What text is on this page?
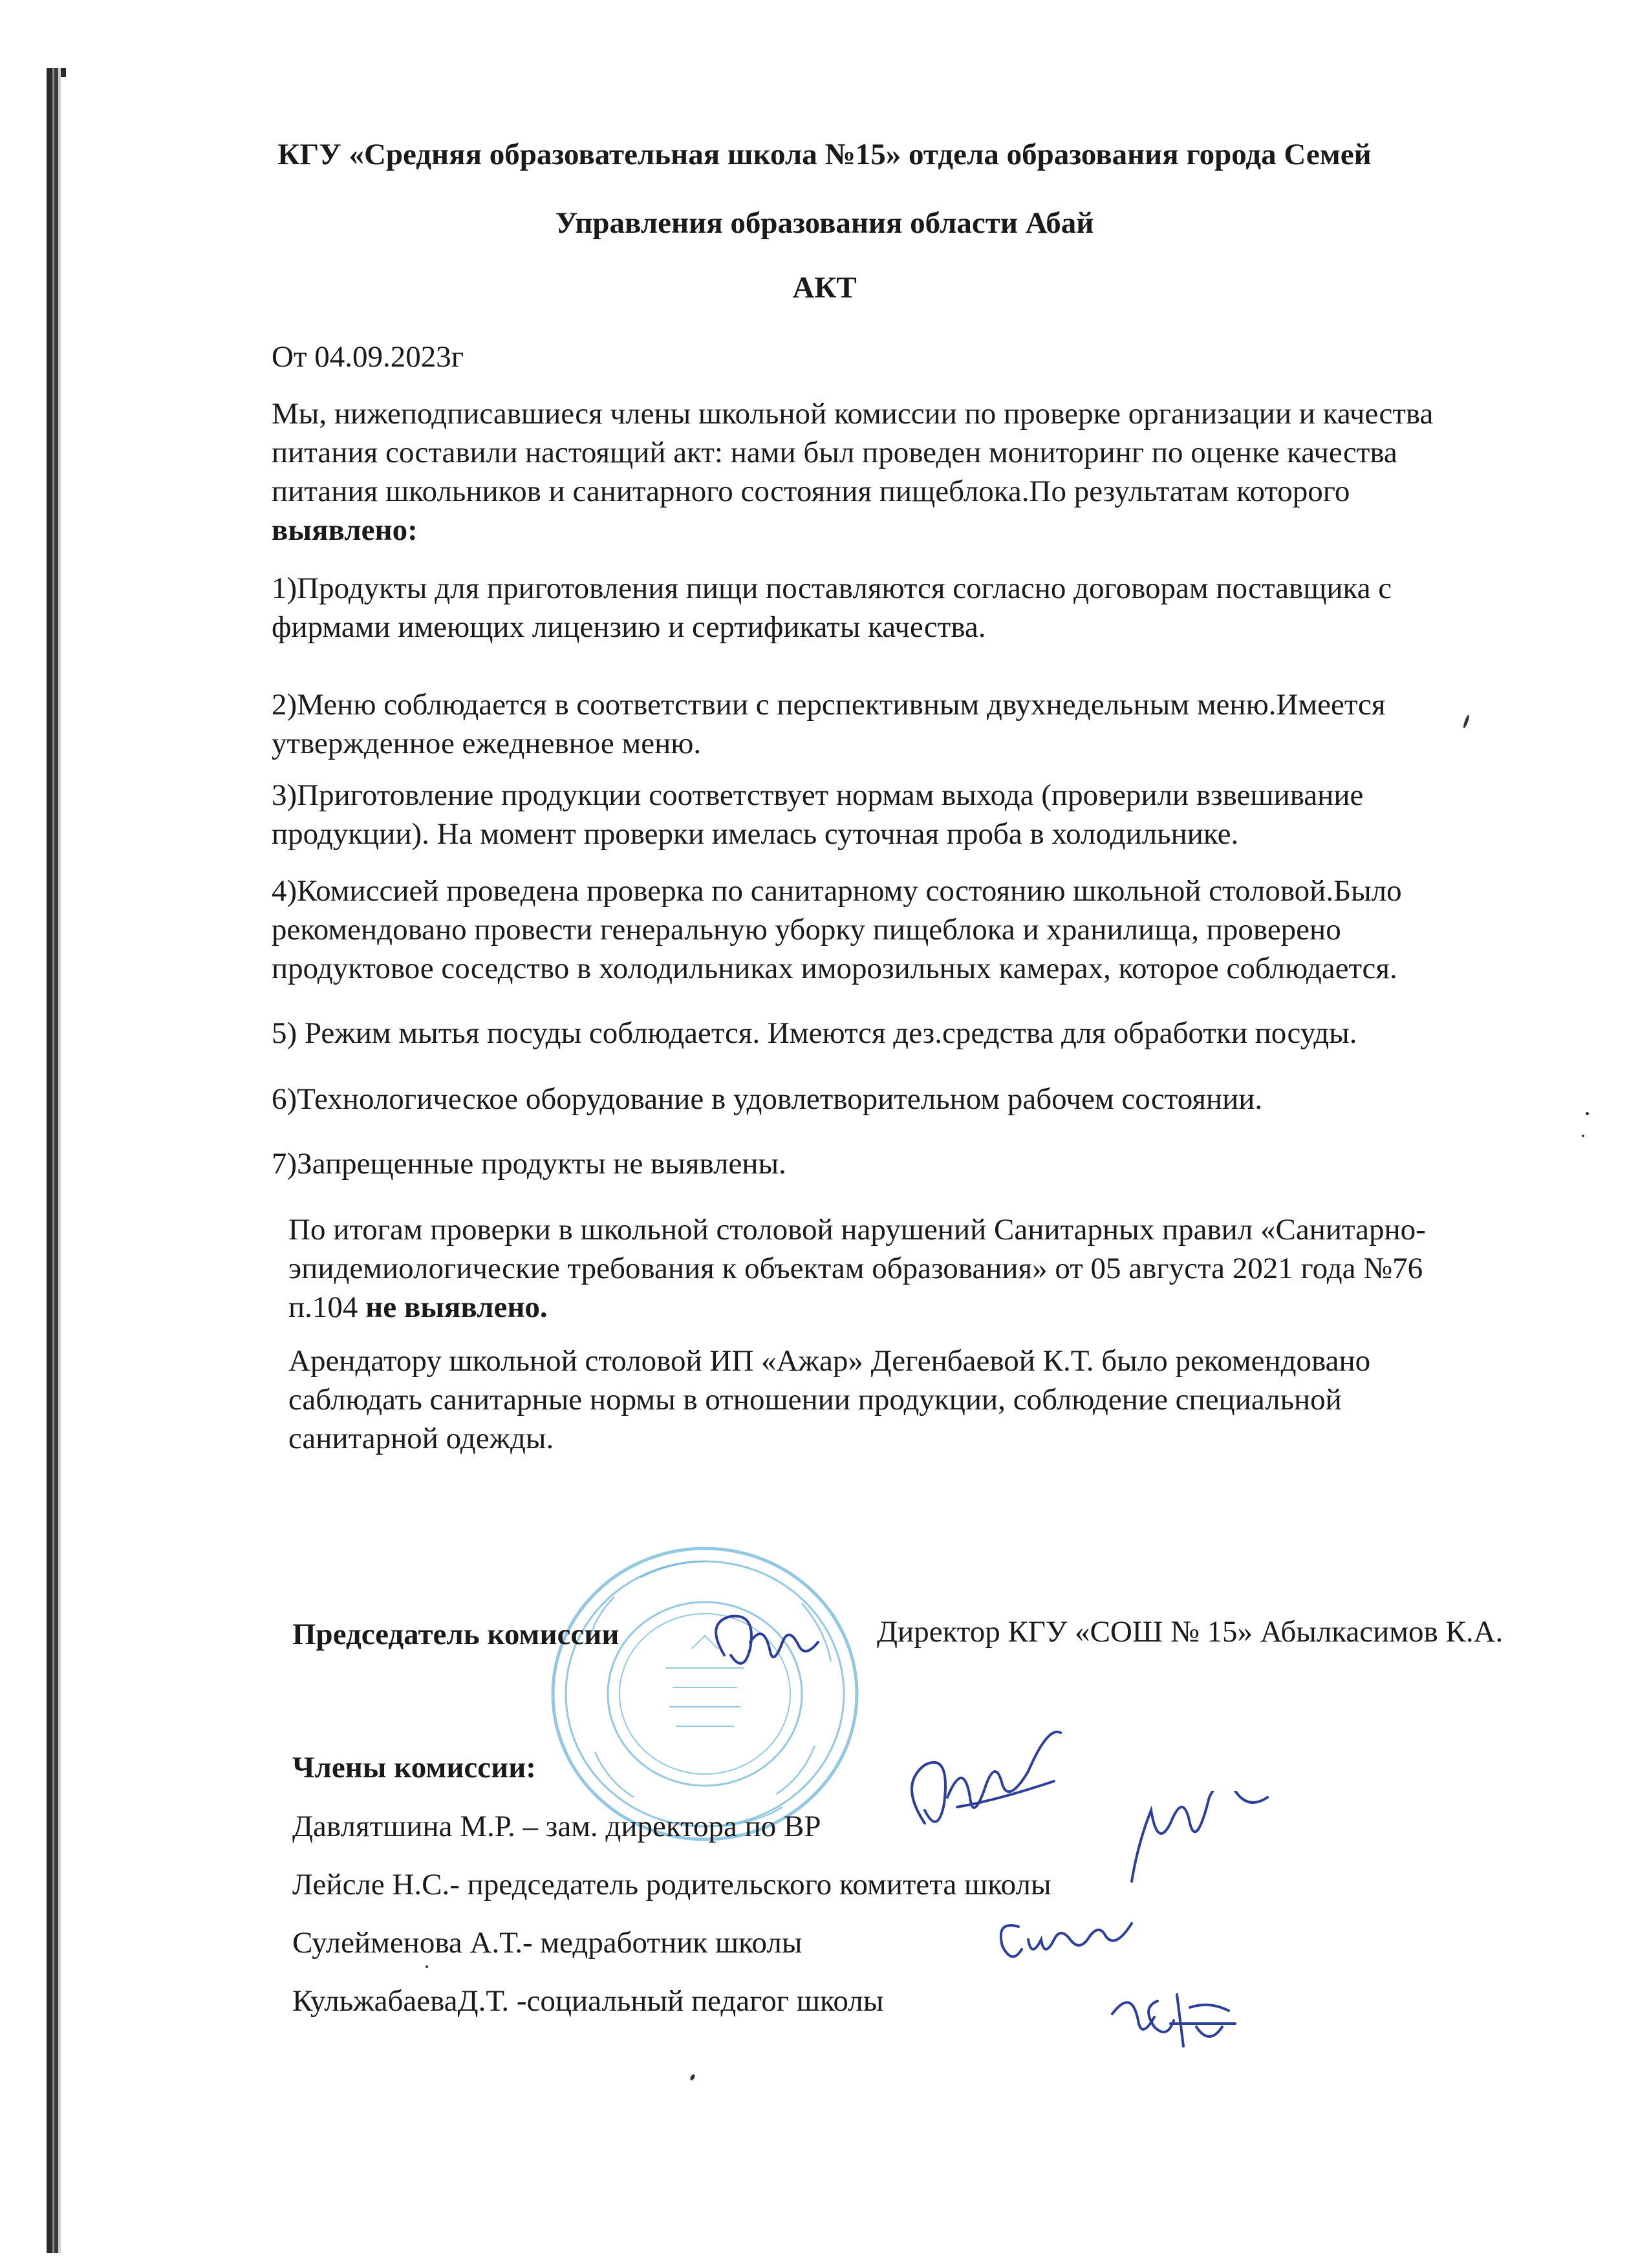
КГУ «Средняя образовательная школа №15» отдела образования города Семей
Управления образования области Абай
АКТ
От 04.09.2023г
Мы, нижеподписавшиеся члены школьной комиссии по проверке организации и качества
питания составили настоящий акт: нами был проведен мониторинг по оценке качества
питания школьников и санитарного состояния пищеблока.По результатам которого
выявлено:
1)Продукты для приготовления пищи поставляются согласно договорам поставщика с
фирмами имеющих лицензию и сертификаты качества.
2)Меню соблюдается в соответствии с перспективным двухнедельным меню.Имеется
утвержденное ежедневное меню.
3)Приготовление продукции соответствует нормам выхода (проверили взвешивание
продукции). На момент проверки имелась суточная проба в холодильнике.
4)Комиссией проведена проверка по санитарному состоянию школьной столовой.Было
рекомендовано провести генеральную уборку пищеблока и хранилища, проверено
продуктовое соседство в холодильниках иморозильных камерах, которое соблюдается.
5) Режим мытья посуды соблюдается. Имеются дез.средства для обработки посуды.
6)Технологическое оборудование в удовлетворительном рабочем состоянии.
7)Запрещенные продукты не выявлены.
По итогам проверки в школьной столовой нарушений Санитарных правил «Санитарно-
эпидемиологические требования к объектам образования» от 05 августа 2021 года №76
п.104 не выявлено.
Арендатору школьной столовой ИП «Ажар» Дегенбаевой К.Т. было рекомендовано
саблюдать санитарные нормы в отношении продукции, соблюдение специальной
санитарной одежды.
Председатель комиссии	Директор КГУ «СОШ № 15» Абылкасимов К.А.
Члены комиссии:
Давлятшина М.Р. – зам. директора по ВР
Лейсле Н.С.- председатель родительского комитета школы
Сулейменова А.Т.- медработник школы
КульжабаеваД.Т. -социальный педагог школы
